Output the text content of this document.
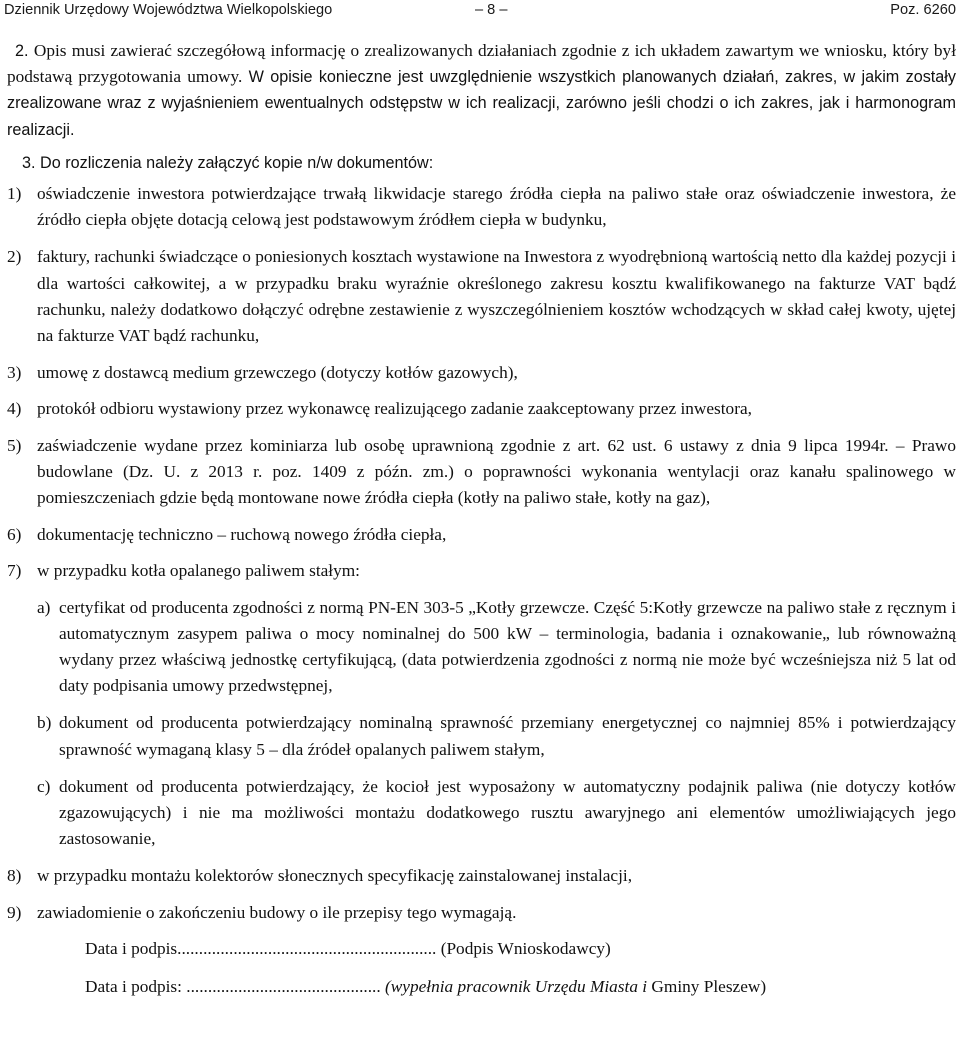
Dziennik Urzędowy Województwa Wielkopolskiego	– 8 –	Poz. 6260

2. Opis musi zawierać szczegółową informację o zrealizowanych działaniach zgodnie z ich układem zawartym we wniosku, który był podstawą przygotowania umowy. W opisie konieczne jest uwzględnienie wszystkich planowanych działań, zakres, w jakim zostały zrealizowane wraz z wyjaśnieniem ewentualnych odstępstw w ich realizacji, zarówno jeśli chodzi o ich zakres, jak i harmonogram realizacji.

3. Do rozliczenia należy załączyć kopie n/w dokumentów:

1) oświadczenie inwestora potwierdzające trwałą likwidacje starego źródła ciepła na paliwo stałe oraz oświadczenie inwestora, że źródło ciepła objęte dotacją celową jest podstawowym źródłem ciepła w budynku,
2) faktury, rachunki świadczące o poniesionych kosztach wystawione na Inwestora z wyodrębnioną wartością netto dla każdej pozycji i dla wartości całkowitej, a w przypadku braku wyraźnie określonego zakresu kosztu kwalifikowanego na fakturze VAT bądź rachunku, należy dodatkowo dołączyć odrębne zestawienie z wyszczególnieniem kosztów wchodzących w skład całej kwoty, ujętej na fakturze VAT bądź rachunku,
3) umowę z dostawcą medium grzewczego (dotyczy kotłów gazowych),
4) protokół odbioru wystawiony przez wykonawcę realizującego zadanie zaakceptowany przez inwestora,
5) zaświadczenie wydane przez kominiarza lub osobę uprawnioną zgodnie z art. 62 ust. 6 ustawy z dnia 9 lipca 1994r. – Prawo budowlane (Dz. U. z 2013 r. poz. 1409 z późn. zm.) o poprawności wykonania wentylacji oraz kanału spalinowego w pomieszczeniach gdzie będą montowane nowe źródła ciepła (kotły na paliwo stałe, kotły na gaz),
6) dokumentację techniczno – ruchową nowego źródła ciepła,
7) w przypadku kotła opalanego paliwem stałym:
a) certyfikat od producenta zgodności z normą PN-EN 303-5 „Kotły grzewcze. Część 5:Kotły grzewcze na paliwo stałe z ręcznym i automatycznym zasypem paliwa o mocy nominalnej do 500 kW – terminologia, badania i oznakowanie„ lub równoważną wydany przez właściwą jednostkę certyfikującą, (data potwierdzenia zgodności z normą nie może być wcześniejsza niż 5 lat od daty podpisania umowy przedwstępnej,
b) dokument od producenta potwierdzający nominalną sprawność przemiany energetycznej co najmniej 85% i potwierdzający sprawność wymaganą klasy 5 – dla źródeł opalanych paliwem stałym,
c) dokument od producenta potwierdzający, że kocioł jest wyposażony w automatyczny podajnik paliwa (nie dotyczy kotłów zgazowujących) i nie ma możliwości montażu dodatkowego rusztu awaryjnego ani elementów umożliwiających jego zastosowanie,
8) w przypadku montażu kolektorów słonecznych specyfikację zainstalowanej instalacji,
9) zawiadomienie o zakończeniu budowy o ile przepisy tego wymagają.
Data i podpis............................................................ (Podpis Wnioskodawcy)
Data i podpis: ............................................. (wypełnia pracownik Urzędu Miasta i Gminy Pleszew)
